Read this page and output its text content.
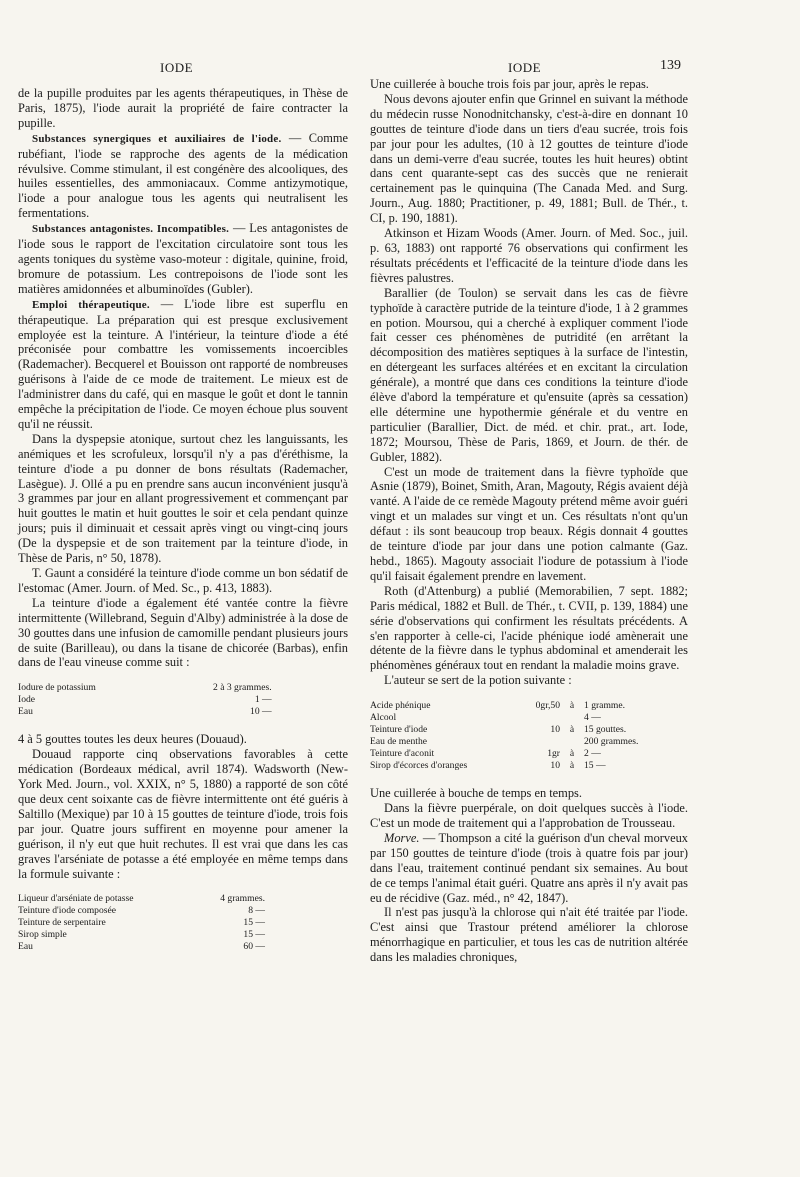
IODE	IODE	139

de la pupille produites par les agents thérapeutiques, in Thèse de Paris, 1875), l'iode aurait la propriété de faire contracter la pupille.

Substances synergiques et auxiliaires de l'iode. — Comme rubéfiant, l'iode se rapproche des agents de la médication révulsive. Comme stimulant, il est congénère des alcooliques, des huiles essentielles, des ammoniacaux. Comme antizymotique, l'iode a pour analogue tous les agents qui neutralisent les fermentations.

Substances antagonistes. Incompatibles. — Les antagonistes de l'iode sous le rapport de l'excitation circulatoire sont tous les agents toniques du système vaso-moteur : digitale, quinine, froid, bromure de potassium. Les contrepoisons de l'iode sont les matières amidonnées et albuminoïdes (Gubler).

Emploi thérapeutique. — L'iode libre est superflu en thérapeutique. La préparation qui est presque exclusivement employée est la teinture. A l'intérieur, la teinture d'iode a été préconisée pour combattre les vomissements incoercibles (Rademacher). Becquerel et Bouisson ont rapporté de nombreuses guérisons à l'aide de ce mode de traitement. Le mieux est de l'administrer dans du café, qui en masque le goût et dont le tannin empêche la précipitation de l'iode. Ce moyen échoue plus souvent qu'il ne réussit.

Dans la dyspepsie atonique, surtout chez les languissants, les anémiques et les scrofuleux, lorsqu'il n'y a pas d'éréthisme, la teinture d'iode a pu donner de bons résultats (Rademacher, Lasègue). J. Ollé a pu en prendre sans aucun inconvénient jusqu'à 3 grammes par jour en allant progressivement et commençant par huit gouttes le matin et huit gouttes le soir et cela pendant quinze jours; puis il diminuait et cessait après vingt ou vingt-cinq jours (De la dyspepsie et de son traitement par la teinture d'iode, in Thèse de Paris, n° 50, 1878).

T. Gaunt a considéré la teinture d'iode comme un bon sédatif de l'estomac (Amer. Journ. of Med. Sc., p. 413, 1883).

La teinture d'iode a également été vantée contre la fièvre intermittente (Willebrand, Seguin d'Alby) administrée à la dose de 30 gouttes dans une infusion de camomille pendant plusieurs jours de suite (Barilleau), ou dans la tisane de chicorée (Barbas), enfin dans de l'eau vineuse comme suit :

Iodure de potassium	2 à 3 grammes.
Iode	1 —
Eau	10 —

4 à 5 gouttes toutes les deux heures (Douaud).

Douaud rapporte cinq observations favorables à cette médication (Bordeaux médical, avril 1874). Wadsworth (New-York Med. Journ., vol. XXIX, n° 5, 1880) a rapporté de son côté que deux cent soixante cas de fièvre intermittente ont été guéris à Saltillo (Mexique) par 10 à 15 gouttes de teinture d'iode, trois fois par jour. Quatre jours suffirent en moyenne pour amener la guérison, il n'y eut que huit rechutes. Il est vrai que dans les cas graves l'arséniate de potasse a été employée en même temps dans la formule suivante :

Liqueur d'arséniate de potasse	4 grammes.
Teinture d'iode composée	8 —
Teinture de serpentaire	15 —
Sirop simple	15 —
Eau	60 —

Une cuillerée à bouche trois fois par jour, après le repas.

Nous devons ajouter enfin que Grinnel en suivant la méthode du médecin russe Nonodnitchansky, c'est-à-dire en donnant 10 gouttes de teinture d'iode dans un tiers d'eau sucrée, trois fois par jour pour les adultes, (10 à 12 gouttes de teinture d'iode dans un demi-verre d'eau sucrée, toutes les huit heures) obtint dans cent quarante-sept cas des succès que ne renierait certainement pas le quinquina (The Canada Med. and Surg. Journ., Aug. 1880; Practitioner, p. 49, 1881; Bull. de Thér., t. CI, p. 190, 1881).

Atkinson et Hizam Woods (Amer. Journ. of Med. Soc., juil. p. 63, 1883) ont rapporté 76 observations qui confirment les résultats précédents et l'efficacité de la teinture d'iode dans les fièvres palustres.

Barallier (de Toulon) se servait dans les cas de fièvre typhoïde à caractère putride de la teinture d'iode, 1 à 2 grammes en potion. Moursou, qui a cherché à expliquer comment l'iode fait cesser ces phénomènes de putridité (en arrêtant la décomposition des matières septiques à la surface de l'intestin, en détergeant les surfaces altérées et en excitant la circulation générale), a montré que dans ces conditions la teinture d'iode élève d'abord la température et qu'ensuite (après sa cessation) elle détermine une hypothermie générale et du ventre en particulier (Barallier, Dict. de méd. et chir. prat., art. Iode, 1872; Moursou, Thèse de Paris, 1869, et Journ. de thér. de Gubler, 1882).

C'est un mode de traitement dans la fièvre typhoïde que Asnie (1879), Boinet, Smith, Aran, Magouty, Régis avaient déjà vanté. A l'aide de ce remède Magouty prétend même avoir guéri vingt et un malades sur vingt et un. Ces résultats n'ont qu'un défaut : ils sont beaucoup trop beaux. Régis donnait 4 gouttes de teinture d'iode par jour dans une potion calmante (Gaz. hebd., 1865). Magouty associait l'iodure de potassium à l'iode qu'il faisait également prendre en lavement.

Roth (d'Attenburg) a publié (Memorabilien, 7 sept. 1882; Paris médical, 1882 et Bull. de Thér., t. CVII, p. 139, 1884) une série d'observations qui confirment les résultats précédents. A s'en rapporter à celle-ci, l'acide phénique iodé amènerait une détente de la fièvre dans le typhus abdominal et amenderait les phénomènes généraux tout en rendant la maladie moins grave.

L'auteur se sert de la potion suivante :

Acide phénique	0gr,50	à	1 gramme.
Alcool			4 —
Teinture d'iode	10	à	15 gouttes.
Eau de menthe			200 grammes.
Teinture d'aconit	1gr	à	2 —
Sirop d'écorces d'oranges	10	à	15 —

Une cuillerée à bouche de temps en temps.

Dans la fièvre puerpérale, on doit quelques succès à l'iode. C'est un mode de traitement qui a l'approbation de Trousseau.

Morve. — Thompson a cité la guérison d'un cheval morveux par 150 gouttes de teinture d'iode (trois à quatre fois par jour) dans l'eau, traitement continué pendant six semaines. Au bout de ce temps l'animal était guéri. Quatre ans après il n'y avait pas eu de récidive (Gaz. méd., n° 42, 1847).

Il n'est pas jusqu'à la chlorose qui n'ait été traitée par l'iode. C'est ainsi que Trastour prétend améliorer la chlorose ménorrhagique en particulier, et tous les cas de nutrition altérée dans les maladies chroniques,
